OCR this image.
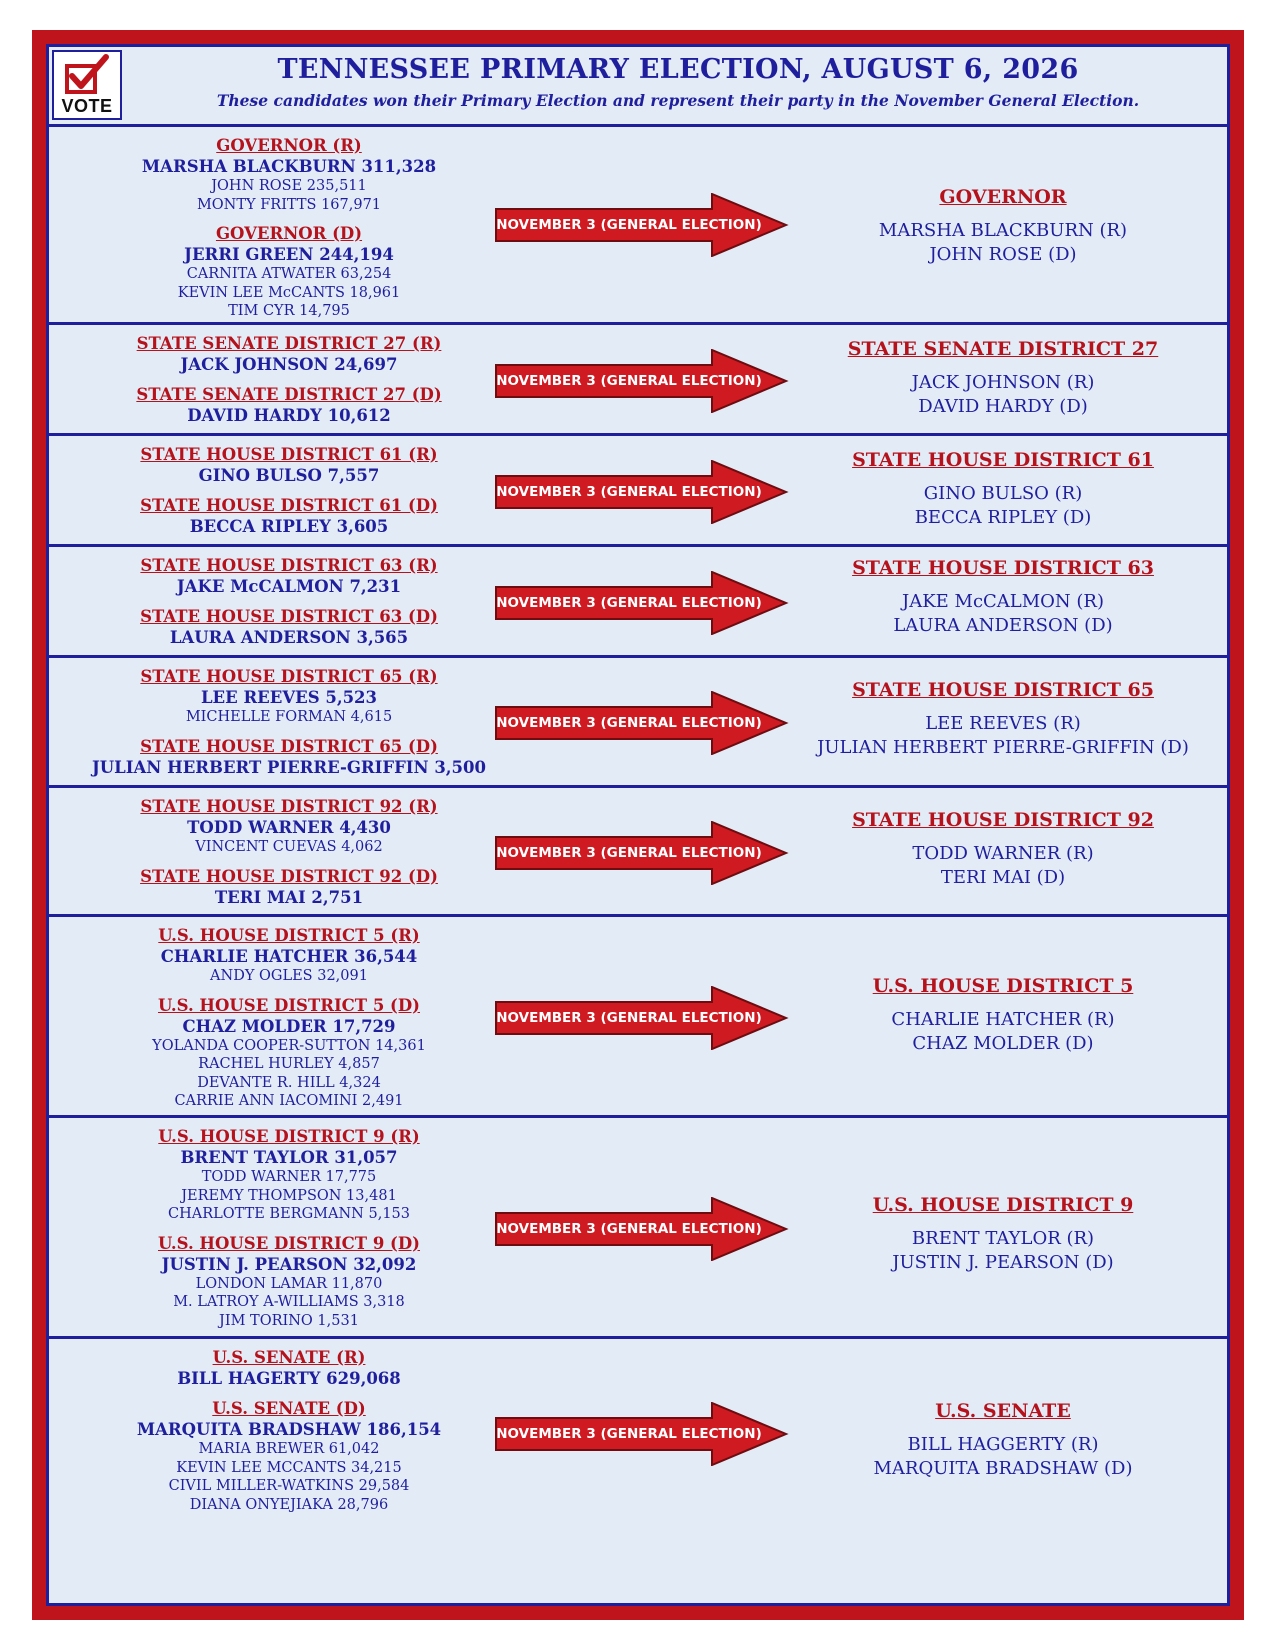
VOTE
TENNESSEE PRIMARY ELECTION, AUGUST 6, 2026
These candidates won their Primary Election and represent their party in the November General Election.
GOVERNOR (R)
MARSHA BLACKBURN 311,328
JOHN ROSE 235,511
MONTY FRITTS 167,971
GOVERNOR (D)
JERRI GREEN 244,194
CARNITA ATWATER 63,254
KEVIN LEE McCANTS 18,961
TIM CYR 14,795
NOVEMBER 3 (GENERAL ELECTION)
GOVERNOR
MARSHA BLACKBURN (R)
JOHN ROSE (D)
STATE SENATE DISTRICT 27 (R)
JACK JOHNSON 24,697
STATE SENATE DISTRICT 27 (D)
DAVID HARDY 10,612
NOVEMBER 3 (GENERAL ELECTION)
STATE SENATE DISTRICT 27
JACK JOHNSON (R)
DAVID HARDY (D)
STATE HOUSE DISTRICT 61 (R)
GINO BULSO 7,557
STATE HOUSE DISTRICT 61 (D)
BECCA RIPLEY 3,605
NOVEMBER 3 (GENERAL ELECTION)
STATE HOUSE DISTRICT 61
GINO BULSO (R)
BECCA RIPLEY (D)
STATE HOUSE DISTRICT 63 (R)
JAKE McCALMON 7,231
STATE HOUSE DISTRICT 63 (D)
LAURA ANDERSON 3,565
NOVEMBER 3 (GENERAL ELECTION)
STATE HOUSE DISTRICT 63
JAKE McCALMON (R)
LAURA ANDERSON (D)
STATE HOUSE DISTRICT 65 (R)
LEE REEVES 5,523
MICHELLE FORMAN 4,615
STATE HOUSE DISTRICT 65 (D)
JULIAN HERBERT PIERRE-GRIFFIN 3,500
NOVEMBER 3 (GENERAL ELECTION)
STATE HOUSE DISTRICT 65
LEE REEVES (R)
JULIAN HERBERT PIERRE-GRIFFIN (D)
STATE HOUSE DISTRICT 92 (R)
TODD WARNER 4,430
VINCENT CUEVAS 4,062
STATE HOUSE DISTRICT 92 (D)
TERI MAI 2,751
NOVEMBER 3 (GENERAL ELECTION)
STATE HOUSE DISTRICT 92
TODD WARNER (R)
TERI MAI (D)
U.S. HOUSE DISTRICT 5 (R)
CHARLIE HATCHER 36,544
ANDY OGLES 32,091
U.S. HOUSE DISTRICT 5 (D)
CHAZ MOLDER 17,729
YOLANDA COOPER-SUTTON 14,361
RACHEL HURLEY 4,857
DEVANTE R. HILL 4,324
CARRIE ANN IACOMINI 2,491
NOVEMBER 3 (GENERAL ELECTION)
U.S. HOUSE DISTRICT 5
CHARLIE HATCHER (R)
CHAZ MOLDER (D)
U.S. HOUSE DISTRICT 9 (R)
BRENT TAYLOR 31,057
TODD WARNER 17,775
JEREMY THOMPSON 13,481
CHARLOTTE BERGMANN 5,153
U.S. HOUSE DISTRICT 9 (D)
JUSTIN J. PEARSON 32,092
LONDON LAMAR 11,870
M. LATROY A-WILLIAMS 3,318
JIM TORINO 1,531
NOVEMBER 3 (GENERAL ELECTION)
U.S. HOUSE DISTRICT 9
BRENT TAYLOR (R)
JUSTIN J. PEARSON (D)
U.S. SENATE (R)
BILL HAGERTY 629,068
U.S. SENATE (D)
MARQUITA BRADSHAW 186,154
MARIA BREWER 61,042
KEVIN LEE MCCANTS 34,215
CIVIL MILLER-WATKINS 29,584
DIANA ONYEJIAKA 28,796
NOVEMBER 3 (GENERAL ELECTION)
U.S. SENATE
BILL HAGGERTY (R)
MARQUITA BRADSHAW (D)
